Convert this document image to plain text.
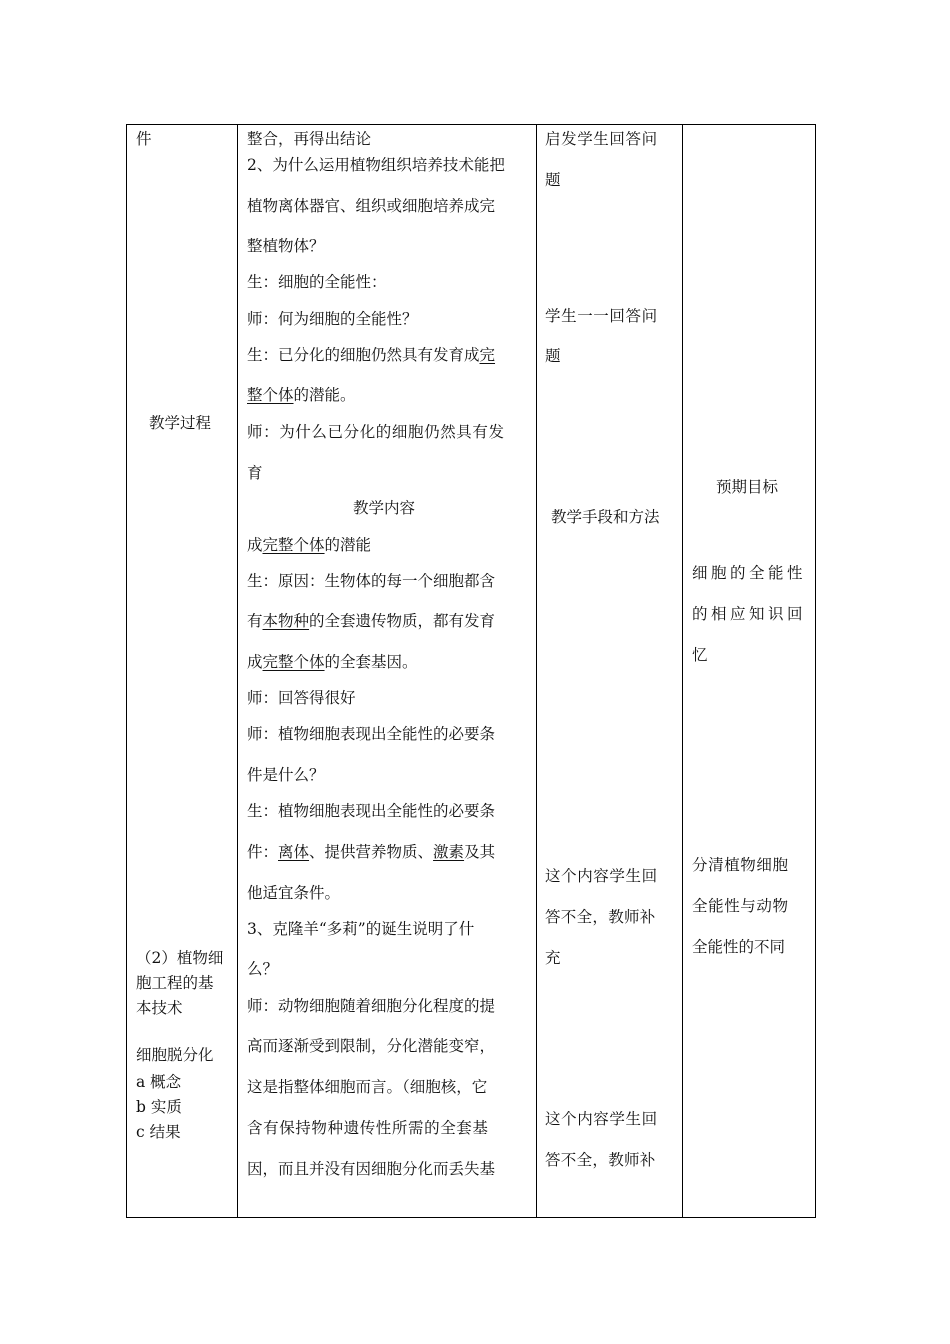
件
教学过程
（2）植物细
胞工程的基
本技术
细胞脱分化
a 概念
b 实质
c 结果
整合，再得出结论
2、为什么运用植物组织培养技术能把
植物离体器官、组织或细胞培养成完
整植物体？
生：细胞的全能性：
师：何为细胞的全能性？
生：已分化的细胞仍然具有发育成完
整个体的潜能。
师：为什么已分化的细胞仍然具有发
育
教学内容
成完整个体的潜能
生：原因：生物体的每一个细胞都含
有本物种的全套遗传物质，都有发育
成完整个体的全套基因。
师：回答得很好
师：植物细胞表现出全能性的必要条
件是什么？
生：植物细胞表现出全能性的必要条
件：离体、提供营养物质、激素及其
他适宜条件。
3、克隆羊“多莉”的诞生说明了什
么？
师：动物细胞随着细胞分化程度的提
高而逐渐受到限制，分化潜能变窄，
这是指整体细胞而言。（细胞核，它
含有保持物种遗传性所需的全套基
因，而且并没有因细胞分化而丢失基
启发学生回答问
题
学生一一回答问
题
教学手段和方法
这个内容学生回
答不全，教师补
充
这个内容学生回
答不全，教师补
预期目标
细胞的全能性
的相应知识回
忆
分清植物细胞
全能性与动物
全能性的不同
